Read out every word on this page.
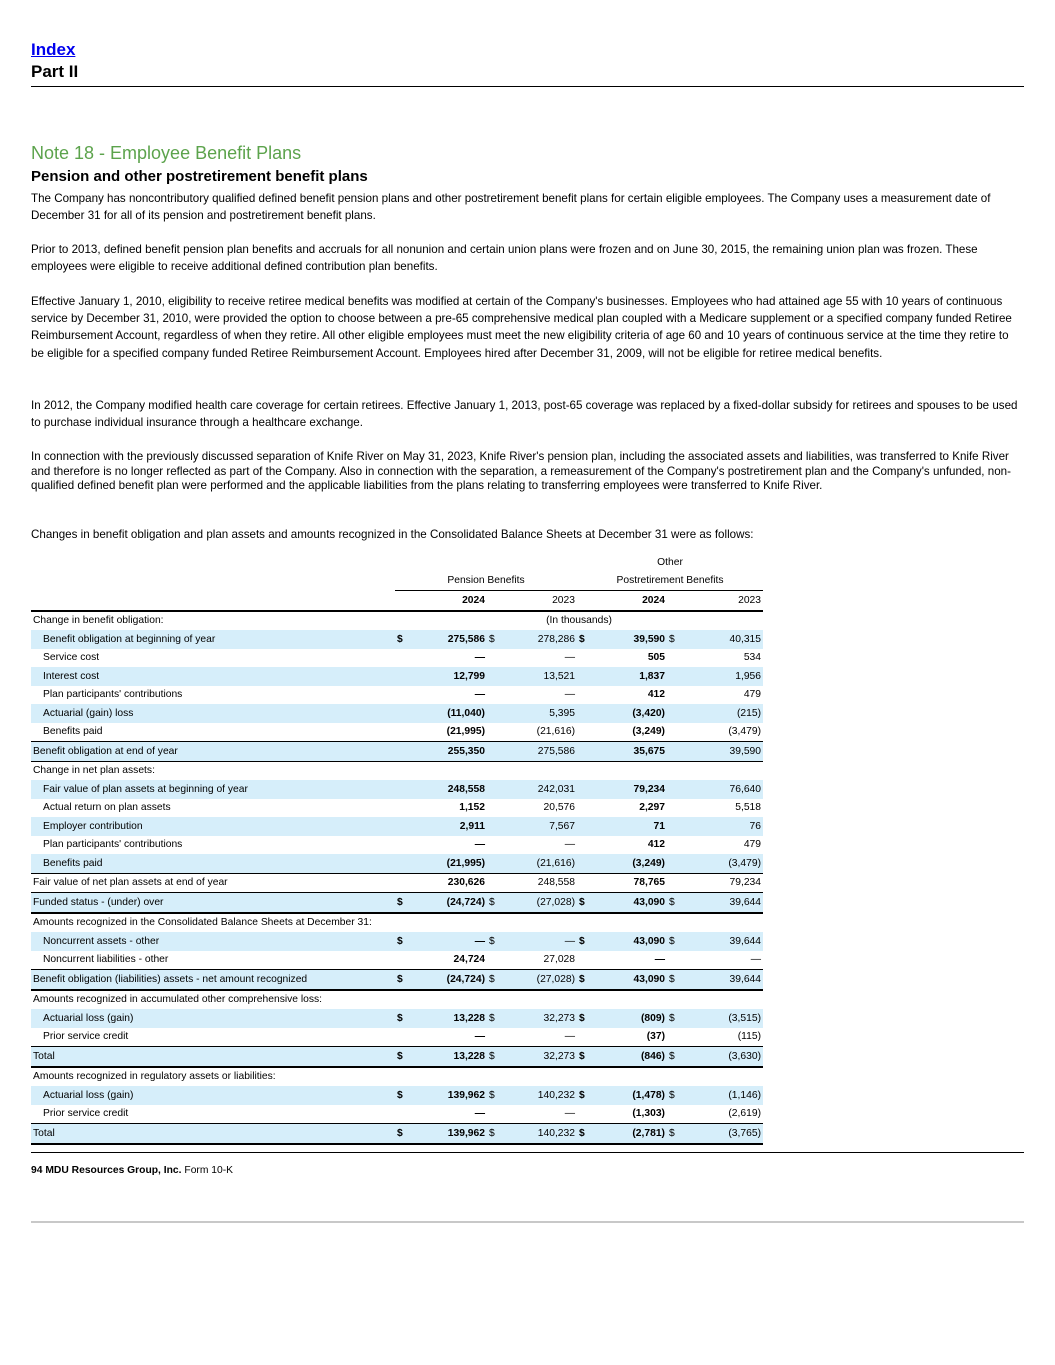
Index
Part II
Note 18 - Employee Benefit Plans
Pension and other postretirement benefit plans

The Company has noncontributory qualified defined benefit pension plans and other postretirement benefit plans for certain eligible employees. The Company uses a measurement date of December 31 for all of its pension and postretirement benefit plans.

Prior to 2013, defined benefit pension plan benefits and accruals for all nonunion and certain union plans were frozen and on June 30, 2015, the remaining union plan was frozen. These employees were eligible to receive additional defined contribution plan benefits.

Effective January 1, 2010, eligibility to receive retiree medical benefits was modified at certain of the Company's businesses. Employees who had attained age 55 with 10 years of continuous service by December 31, 2010, were provided the option to choose between a pre-65 comprehensive medical plan coupled with a Medicare supplement or a specified company funded Retiree Reimbursement Account, regardless of when they retire. All other eligible employees must meet the new eligibility criteria of age 60 and 10 years of continuous service at the time they retire to be eligible for a specified company funded Retiree Reimbursement Account. Employees hired after December 31, 2009, will not be eligible for retiree medical benefits.

In 2012, the Company modified health care coverage for certain retirees. Effective January 1, 2013, post-65 coverage was replaced by a fixed-dollar subsidy for retirees and spouses to be used to purchase individual insurance through a healthcare exchange.

In connection with the previously discussed separation of Knife River on May 31, 2023, Knife River's pension plan, including the associated assets and liabilities, was transferred to Knife River and therefore is no longer reflected as part of the Company. Also in connection with the separation, a remeasurement of the Company's postretirement plan and the Company's unfunded, non-qualified defined benefit plan were performed and the applicable liabilities from the plans relating to transferring employees were transferred to Knife River.

Changes in benefit obligation and plan assets and amounts recognized in the Consolidated Balance Sheets at December 31 were as follows:

					Other			
	Pension Benefits				Postretirement Benefits			
	2024		2023		2024		2023	
Change in benefit obligation:	(In thousands)							
Benefit obligation at beginning of year	$	275,586	$	278,286	$	39,590	$	40,315
Service cost		—		—		505		534
Interest cost		12,799		13,521		1,837		1,956
Plan participants' contributions		—		—		412		479
Actuarial (gain) loss		(11,040)		5,395		(3,420)		(215)
Benefits paid		(21,995)		(21,616)		(3,249)		(3,479)
Benefit obligation at end of year		255,350		275,586		35,675		39,590
Change in net plan assets:								
Fair value of plan assets at beginning of year		248,558		242,031		79,234		76,640
Actual return on plan assets		1,152		20,576		2,297		5,518
Employer contribution		2,911		7,567		71		76
Plan participants' contributions		—		—		412		479
Benefits paid		(21,995)		(21,616)		(3,249)		(3,479)
Fair value of net plan assets at end of year		230,626		248,558		78,765		79,234
Funded status - (under) over	$	(24,724)	$	(27,028)	$	43,090	$	39,644
Amounts recognized in the Consolidated Balance Sheets at December 31:								
Noncurrent assets - other	$	—	$	—	$	43,090	$	39,644
Noncurrent liabilities - other		24,724		27,028		—		—
Benefit obligation (liabilities) assets - net amount recognized	$	(24,724)	$	(27,028)	$	43,090	$	39,644
Amounts recognized in accumulated other comprehensive loss:								
Actuarial loss (gain)	$	13,228	$	32,273	$	(809)	$	(3,515)
Prior service credit		—		—		(37)		(115)
Total	$	13,228	$	32,273	$	(846)	$	(3,630)
Amounts recognized in regulatory assets or liabilities:								
Actuarial loss (gain)	$	139,962	$	140,232	$	(1,478)	$	(1,146)
Prior service credit		—		—		(1,303)		(2,619)
Total	$	139,962	$	140,232	$	(2,781)	$	(3,765)
94 MDU Resources Group, Inc. Form 10-K
